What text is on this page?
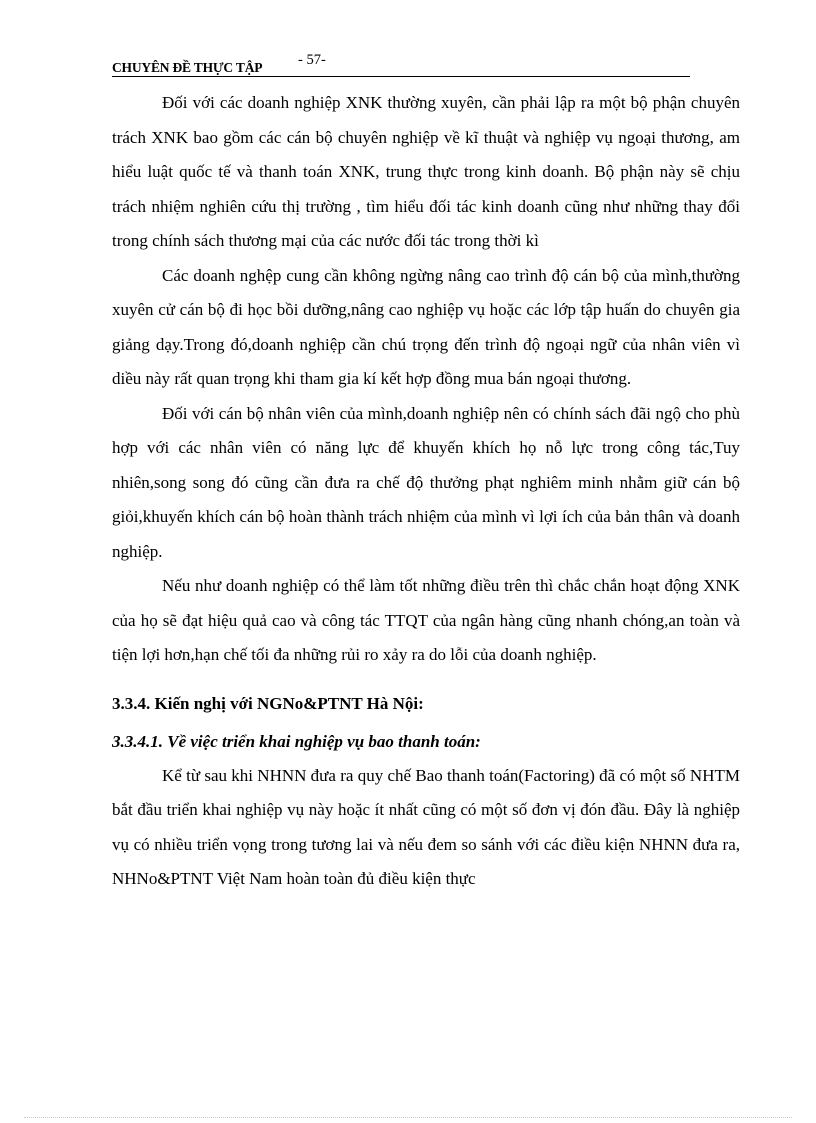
CHUYÊN ĐỀ THỰC TẬP - 57-

Đối với các doanh nghiệp XNK thường xuyên, cần phải lập ra một bộ phận chuyên trách XNK bao gồm các cán bộ chuyên nghiệp về kĩ thuật và nghiệp vụ ngoại thương, am hiểu luật quốc tế và thanh toán XNK, trung thực trong kinh doanh. Bộ phận này sẽ chịu trách nhiệm nghiên cứu thị trường , tìm hiểu đối tác kinh doanh cũng như những thay đổi trong chính sách thương mại của các nước đối tác trong thời kì

Các doanh nghệp cung cần không ngừng nâng cao trình độ cán bộ của mình,thường xuyên cử cán bộ đi học bồi dưỡng,nâng cao nghiệp vụ hoặc các lớp tập huấn do chuyên gia giảng dạy.Trong đó,doanh nghiệp cần chú trọng đến trình độ ngoại ngữ của nhân viên vì diều này rất quan trọng khi tham gia kí kết hợp đồng mua bán ngoại thương.

Đối với cán bộ nhân viên của mình,doanh nghiệp nên có chính sách đãi ngộ cho phù hợp với các nhân viên có năng lực để khuyến khích họ nỗ lực trong công tác,Tuy nhiên,song song đó cũng cần đưa ra chế độ thưởng phạt nghiêm minh nhằm giữ cán bộ giỏi,khuyến khích cán bộ hoàn thành trách nhiệm của mình vì lợi ích của bản thân và doanh nghiệp.

Nếu như doanh nghiệp có thể làm tốt những điều trên thì chắc chắn hoạt động XNK của họ sẽ đạt hiệu quả cao và công tác TTQT của ngân hàng cũng nhanh chóng,an toàn và tiện lợi hơn,hạn chế tối đa những rủi ro xảy ra do lỗi của doanh nghiệp.

3.3.4. Kiến nghị với NGNo&PTNT Hà Nội:
3.3.4.1. Về việc triển khai nghiệp vụ bao thanh toán:

Kể từ sau khi NHNN đưa ra quy chế Bao thanh toán(Factoring) đã có một số NHTM bắt đầu triển khai nghiệp vụ này hoặc ít nhất cũng có một số đơn vị đón đầu. Đây là nghiệp vụ có nhiều triển vọng trong tương lai và nếu đem so sánh với các điều kiện NHNN đưa ra, NHNo&PTNT Việt Nam hoàn toàn đủ điều kiện thực
